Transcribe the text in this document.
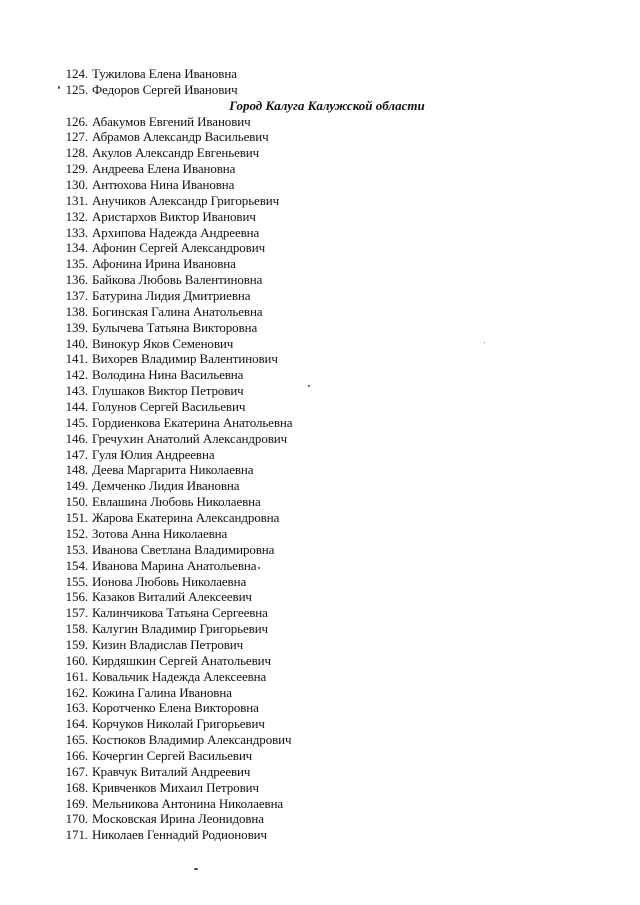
124. Тужилова Елена Ивановна
125. Федоров Сергей Иванович
Город Калуга Калужской области
126. Абакумов Евгений Иванович
127. Абрамов Александр Васильевич
128. Акулов Александр Евгеньевич
129. Андреева Елена Ивановна
130. Антюхова Нина Ивановна
131. Анучиков Александр Григорьевич
132. Аристархов Виктор Иванович
133. Архипова Надежда Андреевна
134. Афонин Сергей Александрович
135. Афонина Ирина Ивановна
136. Байкова Любовь Валентиновна
137. Батурина Лидия Дмитриевна
138. Богинская Галина Анатольевна
139. Булычева Татьяна Викторовна
140. Винокур Яков Семенович
141. Вихорев Владимир Валентинович
142. Володина Нина Васильевна
143. Глушаков Виктор Петрович
144. Голунов Сергей Васильевич
145. Гордиенкова Екатерина Анатольевна
146. Гречухин Анатолий Александрович
147. Гуля Юлия Андреевна
148. Деева Маргарита Николаевна
149. Демченко Лидия Ивановна
150. Евлашина Любовь Николаевна
151. Жарова Екатерина Александровна
152. Зотова Анна Николаевна
153. Иванова Светлана Владимировна
154. Иванова Марина Анатольевна
155. Ионова Любовь Николаевна
156. Казаков Виталий Алексеевич
157. Калинчикова Татьяна Сергеевна
158. Калугин Владимир Григорьевич
159. Кизин Владислав Петрович
160. Кирдяшкин Сергей Анатольевич
161. Ковальчик Надежда Алексеевна
162. Кожина Галина Ивановна
163. Коротченко Елена Викторовна
164. Корчуков Николай Григорьевич
165. Костюков Владимир Александрович
166. Кочергин Сергей Васильевич
167. Кравчук Виталий Андреевич
168. Кривченков Михаил Петрович
169. Мельникова Антонина Николаевна
170. Московская Ирина Леонидовна
171. Николаев Геннадий Родионович
